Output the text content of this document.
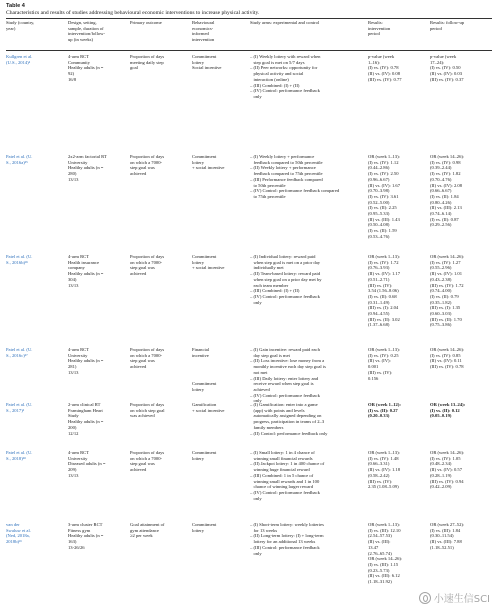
Table 4
Characteristics and results of studies addressing behavioural economic interventions to increase physical activity.
Study (country,
year)
Design, setting,
sample, duration of
intervention/follow-
up (in weeks)
Primary outcome	Behavioural
economics-
informed
intervention
Study arms: experimental and control	Results:
intervention
period
Results: follow-up
period
Kullgren et al.
(U.S., 2014)²
4-arm RCT
Community
Healthy adults (n =
92)
16/8
Proportion of days
meeting daily step
goal
Commitment
lottery
Social incentive
– (I) Weekly lottery with reward when
step goal is met on 5/7 days
– (II) Peer networks: opportunity for
physical activity and social
interaction (online)
– (III) Combined: (I) + (II)
– (IV) Control: performance feedback
only
p-value (week
1–16):
(I) vs. (IV): 0.78
(II) vs. (IV): 0.08
(III) vs. (IV): 0.77
p-value (week
17–24):
(I) vs. (IV): 0.50
(II) vs. (IV): 0.03
(III) vs. (IV): 0.37
Patel et al. (U.
S., 2016a)³⁵
2x2-arm factorial RT
University
Healthy adults (n =
280)
13/13
Proportion of days
on which a 7000-
step goal was
achieved
Commitment
lottery
+ social incentive
– (I) Weekly lottery + performance
feedback compared to 50th percentile
– (II) Weekly lottery + performance
feedback compared to 75th percentile
– (III) Performance feedback compared
to 50th percentile
– (IV) Control: performance feedback compared
to 75th percentile
OR (week 1–13):
(I) vs. (IV): 1.12
(0.44–2.86)
(I) vs. (IV): 2.50
(0.96–6.67)
(II) vs. (IV): 1.67
(0.70–3.98)
(I) vs. (IV): 3.61
(0.52–5.00)
(I) vs. (II): 2.25
(0.95–5.33)
(II) vs. (III): 1.43
(0.50–4.08)
(I) vs. (II): 1.59
(0.53–4.76)
OR (week 14–26):
(I) vs. (IV): 0.98
(0.39–2.44)
(I) vs. (IV): 1.82
(0.70–4.76)
(II) vs. (IV): 2.08
(0.66–6.67)
(I) vs. (II): 1.84
(0.80–4.26)
(II) vs. (III): 2.13
(0.74–6.14)
(I) vs. (II): 0.87
(0.29–2.56)
Patel et al. (U.
S., 2016b)³⁶
4-arm RCT
Health insurance
company
Healthy adults (n =
304)
13/13
Proportion of days
on which a 7000-
step goal was
achieved
Commitment
lottery
+ social incentive
– (I) Individual lottery: reward paid
when step goal is met on a prior day
individually met
– (II) Team-based lottery: reward paid
when step goal on a prior day met by
each team member
– (III) Combined: (I) + (II)
– (IV) Control: performance feedback
only
OR (week 1–13):
(I) vs. (IV): 1.72
(0.76–3.93)
(II) vs. (IV): 1.17
(0.51–2.71)
(III) vs. (IV):
3.54 (1.56–8.06)
(I) vs. (II): 0.68
(0.31–1.49)
(III) vs. (I): 2.04
(0.94–4.55)
(III) vs. (II): 3.02
(1.37–6.68)
OR (week 14–26):
(I) vs. (IV): 1.27
(0.55–2.96)
(II) vs. (IV): 1.01
(0.43–2.38)
(III) vs. (IV): 1.72
(0.74–4.00)
(I) vs. (II): 0.79
(0.35–1.82)
(III) vs. (I): 1.35
(0.60–3.03)
(III) vs. (II): 1.70
(0.75–3.86)
Patel et al. (U.
S., 2016c)³⁷
4-arm RCT
University
Healthy adults (n =
281)
13/13
Proportion of days
on which a 7000-
step goal was
achieved
Financial
incentive

Commitment
lottery
– (I) Gain incentive: reward paid each
day step goal is met
– (II) Loss incentive: lose money from a
monthly incentive each day step goal is
not met
– (III) Daily lottery: enter lottery and
receive reward when step goal is
achieved
– (IV) Control: performance feedback
only
OR (week 1–13):
(I) vs. (IV): 0.25
(II) vs. (IV):
0.001
(III) vs. (IV):
0.156
OR (week 14–26):
(I) vs. (IV): 0.85
(II) vs. (IV): 0.11
(III) vs. (IV): 0.78
Patel et al. (U.
S., 2017)³
2-arm clinical RT
Framingham Heart
Study
Healthy adults (n =
200)
12/12
Proportion of days
on which step goal
was achieved
Gamification
+ social incentive
– (I) Gamification: enter into a game
(app) with points and levels
automatically assigned depending on
progress, participation in teams of 2–3
family members
– (II) Control: performance feedback only
OR (week 1–12):
(I) vs. (II): 0.27
(0.20–0.33)
OR (week 13–24):
(I) vs. (II): 0.12
(0.05–0.19)
Patel et al. (U.
S., 2018)³⁸
4-arm RCT
University
Diseased adults (n =
209)
13/13
Proportion of days
on which a 7000-
step goal was
achieved
Commitment
lottery
– (I) Small lottery: 1 in 4 chance of
winning small financial rewards
– (II) Jackpot lottery: 1 in 400 chance of
winning huge financial reward
– (III) Combined: 1 in 5 chance of
winning small rewards and 1 in 100
chance of winning larger reward
– (IV) Control: performance feedback
only
OR (week 1–13):
(I) vs. (IV): 1.48
(0.66–3.31)
(II) vs. (IV): 1.18
(0.58–2.42)
(III) vs. (IV):
2.35 (1.08–5.09)
OR (week 14–26):
(I) vs. (IV): 1.05
(0.48–2.34)
(II) vs. (IV): 0.57
(0.28–1.19)
(III) vs. (IV): 0.94
(0.42–2.09)
van der
Swaluw et al.
(Ned, 2018a,
2018b)³¹
3-arm cluster RCT
Fitness gym
Healthy adults (n =
163)
13-26/26
Goal attainment of
gym attendance
≥2 per week
Commitment
lottery
– (I) Short-term lottery: weekly lotteries
for 13 weeks
– (II) Long-term lottery: (I) + long-term
lottery for an additional 13 weeks
– (III) Control: performance feedback
only
OR (week 1–13):
(I) vs. (III): 12.10
(2.54–57.53)
(II) vs. (III):
13.47
(2.76–65.74)
OR (week 14–26):
(I) vs. (III): 1.15
(0.23–5.73)
(II) vs. (III): 6.12
(1.18–31.92)
OR (week 27–52):
(I) vs. (III): 1.84
(0.30–11.54)
(II) vs. (III): 7.88
(1.18–52.51)
小速生信SCI
